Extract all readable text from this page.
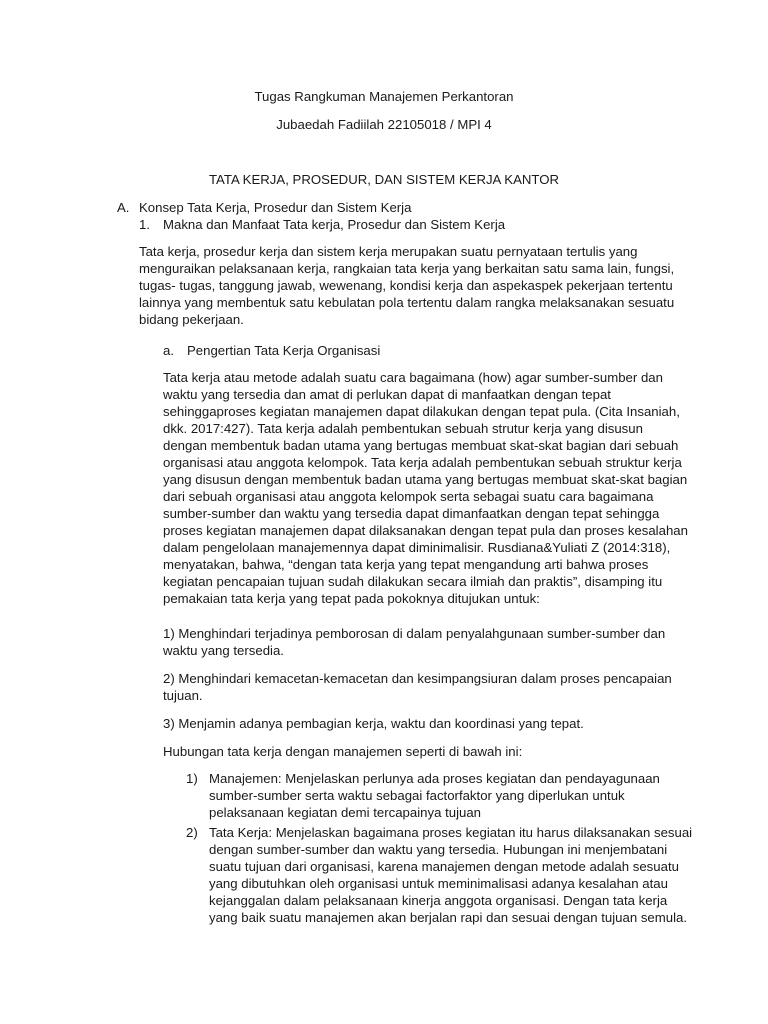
Tugas Rangkuman Manajemen Perkantoran

Jubaedah Fadiilah 22105018 / MPI 4

TATA KERJA, PROSEDUR, DAN SISTEM KERJA KANTOR

A. Konsep Tata Kerja, Prosedur dan Sistem Kerja

1. Makna dan Manfaat Tata kerja, Prosedur dan Sistem Kerja

Tata kerja, prosedur kerja dan sistem kerja merupakan suatu pernyataan tertulis yang

menguraikan pelaksanaan kerja, rangkaian tata kerja yang berkaitan satu sama lain, fungsi,

tugas- tugas, tanggung jawab, wewenang, kondisi kerja dan aspekaspek pekerjaan tertentu

lainnya yang membentuk satu kebulatan pola tertentu dalam rangka melaksanakan sesuatu

bidang pekerjaan.

a. Pengertian Tata Kerja Organisasi

Tata kerja atau metode adalah suatu cara bagaimana (how) agar sumber-sumber dan

waktu yang tersedia dan amat di perlukan dapat di manfaatkan dengan tepat

sehinggaproses kegiatan manajemen dapat dilakukan dengan tepat pula. (Cita Insaniah,

dkk. 2017:427). Tata kerja adalah pembentukan sebuah strutur kerja yang disusun

dengan membentuk badan utama yang bertugas membuat skat-skat bagian dari sebuah

organisasi atau anggota kelompok. Tata kerja adalah pembentukan sebuah struktur kerja

yang disusun dengan membentuk badan utama yang bertugas membuat skat-skat bagian

dari sebuah organisasi atau anggota kelompok serta sebagai suatu cara bagaimana

sumber-sumber dan waktu yang tersedia dapat dimanfaatkan dengan tepat sehingga

proses kegiatan manajemen dapat dilaksanakan dengan tepat pula dan proses kesalahan

dalam pengelolaan manajemennya dapat diminimalisir. Rusdiana&Yuliati Z (2014:318),

menyatakan, bahwa, “dengan tata kerja yang tepat mengandung arti bahwa proses

kegiatan pencapaian tujuan sudah dilakukan secara ilmiah dan praktis”, disamping itu

pemakaian tata kerja yang tepat pada pokoknya ditujukan untuk:

1) Menghindari terjadinya pemborosan di dalam penyalahgunaan sumber-sumber dan

waktu yang tersedia.

2) Menghindari kemacetan-kemacetan dan kesimpangsiuran dalam proses pencapaian

tujuan.

3) Menjamin adanya pembagian kerja, waktu dan koordinasi yang tepat.

Hubungan tata kerja dengan manajemen seperti di bawah ini:

1) Manajemen: Menjelaskan perlunya ada proses kegiatan dan pendayagunaan

sumber-sumber serta waktu sebagai factorfaktor yang diperlukan untuk

pelaksanaan kegiatan demi tercapainya tujuan

2) Tata Kerja: Menjelaskan bagaimana proses kegiatan itu harus dilaksanakan sesuai

dengan sumber-sumber dan waktu yang tersedia. Hubungan ini menjembatani

suatu tujuan dari organisasi, karena manajemen dengan metode adalah sesuatu

yang dibutuhkan oleh organisasi untuk meminimalisasi adanya kesalahan atau

kejanggalan dalam pelaksanaan kinerja anggota organisasi. Dengan tata kerja

yang baik suatu manajemen akan berjalan rapi dan sesuai dengan tujuan semula.
